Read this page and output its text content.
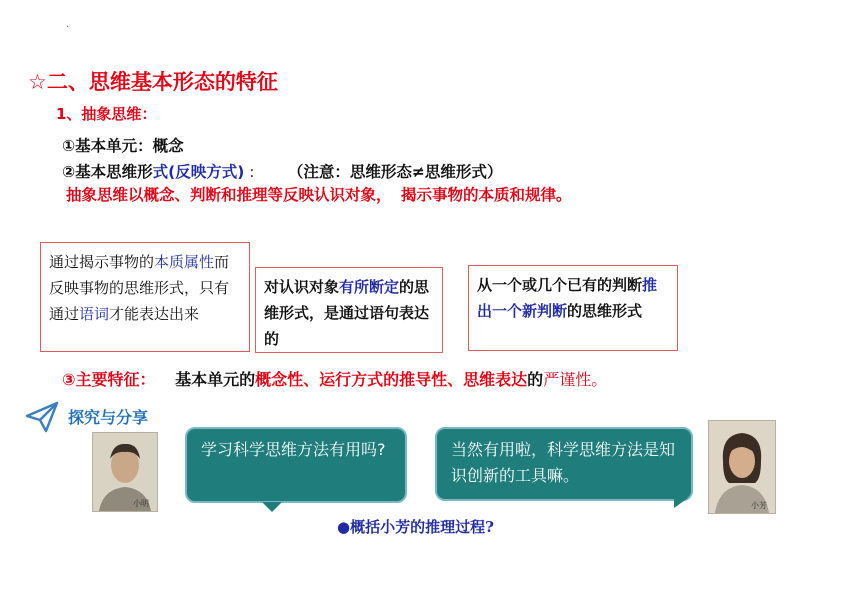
·
☆二、思维基本形态的特征
1、抽象思维：
①基本单元：概念
②基本思维形式(反映方式) : （注意：思维形态≠思维形式）
抽象思维以概念、判断和推理等反映认识对象， 揭示事物的本质和规律。
通过揭示事物的本质属性而反映事物的思维形式，只有通过语词才能表达出来
对认识对象有所断定的思维形式，是通过语句表达的
从一个或几个已有的判断推出一个新判断的思维形式
③主要特征： 基本单元的概念性、运行方式的推导性、思维表达的严谨性。
探究与分享
小明
学习科学思维方法有用吗?	当然有用啦，科学思维方法是知识创新的工具嘛。
小芳
●概括小芳的推理过程?
